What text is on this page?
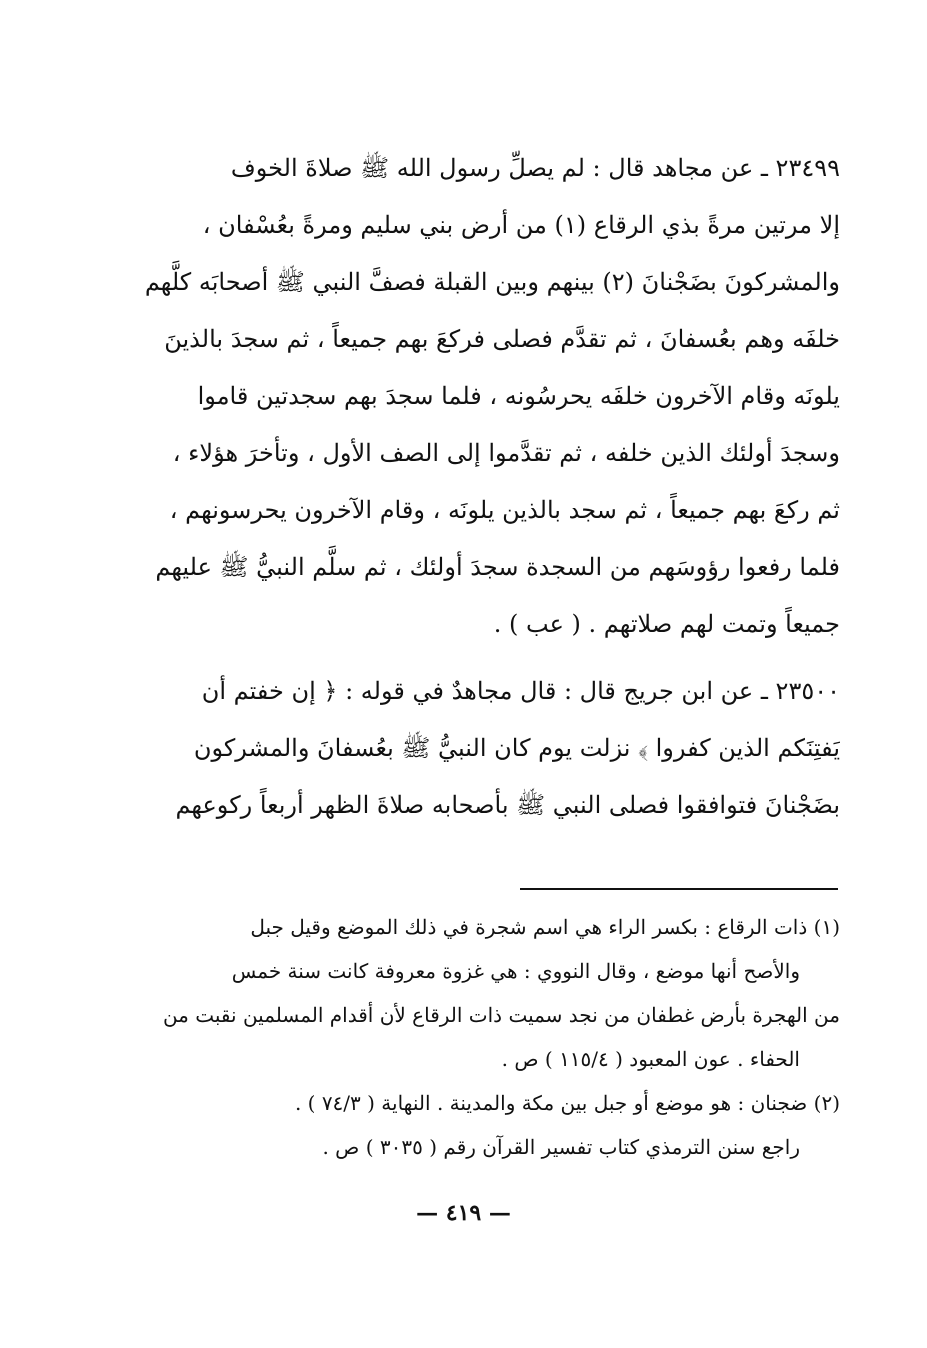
٢٣٤٩٩ ـ عن مجاهد قال : لم يصلِّ رسول الله ﷺ صلاةَ الخوف
إلا مرتين مرةً بذي الرقاع (١) من أرض بني سليم ومرةً بعُسْفان ،
والمشركونَ بضَجْنانَ (٢) بينهم وبين القبلة فصفَّ النبي ﷺ أصحابَه كلَّهم
خلفَه وهم بعُسفانَ ، ثم تقدَّم فصلى فركعَ بهم جميعاً ، ثم سجدَ بالذينَ
يلونَه وقام الآخرون خلفَه يحرسُونه ، فلما سجدَ بهم سجدتين قاموا
وسجدَ أولئك الذين خلفه ، ثم تقدَّموا إلى الصف الأول ، وتأخرَ هؤلاء ،
ثم ركعَ بهم جميعاً ، ثم سجد بالذين يلونَه ، وقام الآخرون يحرسونهم ،
فلما رفعوا رؤوسَهم من السجدة سجدَ أولئك ، ثم سلَّم النبيُّ ﷺ عليهم
جميعاً وتمت لهم صلاتهم . ( عب ) .
٢٣٥٠٠ ـ عن ابن جريج قال : قال مجاهدٌ في قوله : ﴿ إن خفتم أن
يَفتِنَكم الذين كفروا ﴾ نزلت يوم كان النبيُّ ﷺ بعُسفانَ والمشركون
بضَجْنانَ فتوافقوا فصلى النبي ﷺ بأصحابه صلاةَ الظهر أربعاً ركوعهم
(١) ذات الرقاع : بكسر الراء هي اسم شجرة في ذلك الموضع وقيل جبل
والأصح أنها موضع ، وقال النووي : هي غزوة معروفة كانت سنة خمس
من الهجرة بأرض غطفان من نجد سميت ذات الرقاع لأن أقدام المسلمين نقبت من
الحفاء . عون المعبود ( ١١٥/٤ ) ص .
(٢) ضجنان : هو موضع أو جبل بين مكة والمدينة . النهاية ( ٧٤/٣ ) .
راجع سنن الترمذي كتاب تفسير القرآن رقم ( ٣٠٣٥ ) ص .
— ٤١٩ —
